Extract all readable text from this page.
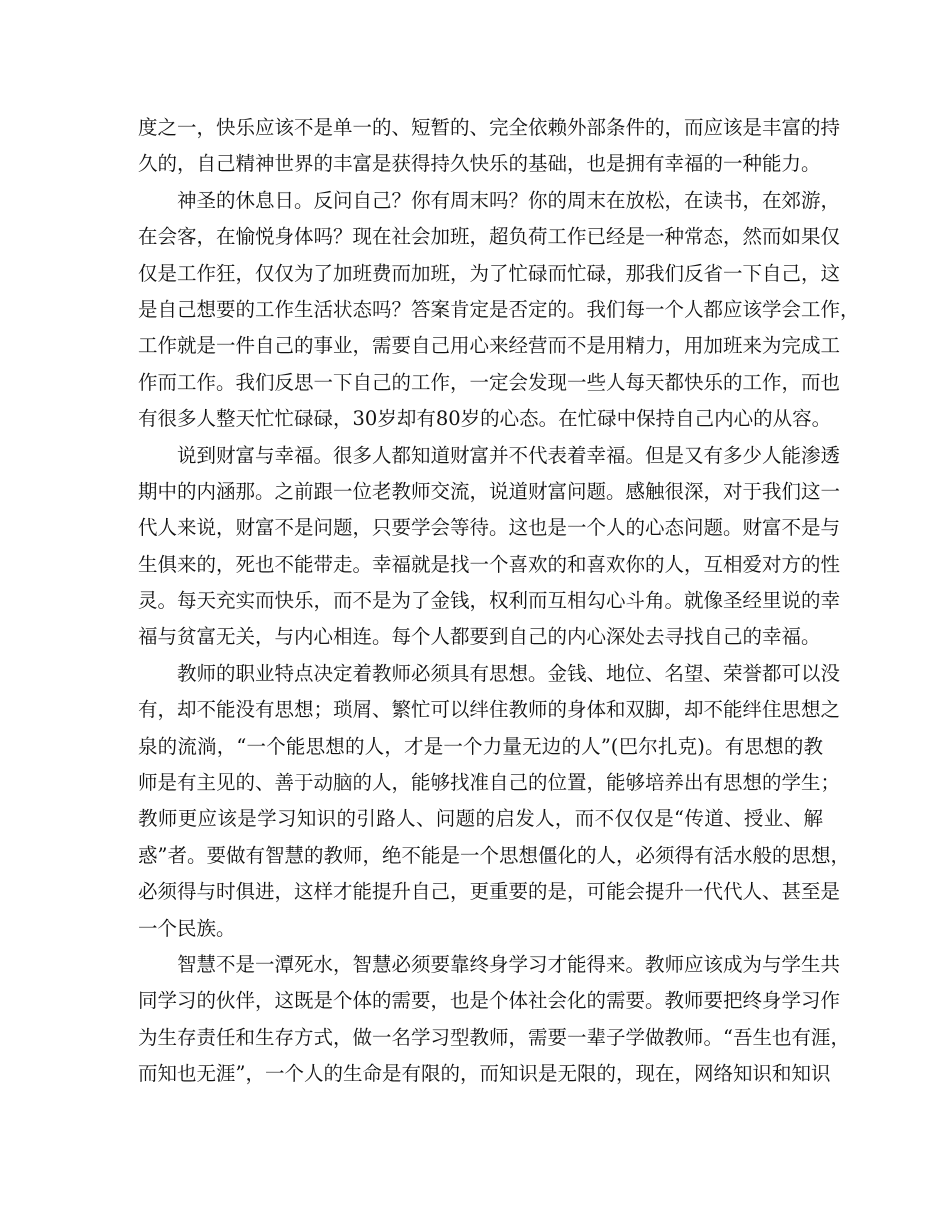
度之一，快乐应该不是单一的、短暂的、完全依赖外部条件的，而应该是丰富的持
久的，自己精神世界的丰富是获得持久快乐的基础，也是拥有幸福的一种能力。
神圣的休息日。反问自己？你有周末吗？你的周末在放松，在读书，在郊游，
在会客，在愉悦身体吗？现在社会加班，超负荷工作已经是一种常态，然而如果仅
仅是工作狂，仅仅为了加班费而加班，为了忙碌而忙碌，那我们反省一下自己，这
是自己想要的工作生活状态吗？答案肯定是否定的。我们每一个人都应该学会工作，
工作就是一件自己的事业，需要自己用心来经营而不是用精力，用加班来为完成工
作而工作。我们反思一下自己的工作，一定会发现一些人每天都快乐的工作，而也
有很多人整天忙忙碌碌，30岁却有80岁的心态。在忙碌中保持自己内心的从容。
说到财富与幸福。很多人都知道财富并不代表着幸福。但是又有多少人能渗透
期中的内涵那。之前跟一位老教师交流，说道财富问题。感触很深，对于我们这一
代人来说，财富不是问题，只要学会等待。这也是一个人的心态问题。财富不是与
生俱来的，死也不能带走。幸福就是找一个喜欢的和喜欢你的人，互相爱对方的性
灵。每天充实而快乐，而不是为了金钱，权利而互相勾心斗角。就像圣经里说的幸
福与贫富无关，与内心相连。每个人都要到自己的内心深处去寻找自己的幸福。
教师的职业特点决定着教师必须具有思想。金钱、地位、名望、荣誉都可以没
有，却不能没有思想；琐屑、繁忙可以绊住教师的身体和双脚，却不能绊住思想之
泉的流淌，“一个能思想的人，才是一个力量无边的人”(巴尔扎克)。有思想的教
师是有主见的、善于动脑的人，能够找准自己的位置，能够培养出有思想的学生；
教师更应该是学习知识的引路人、问题的启发人，而不仅仅是“传道、授业、解
惑”者。要做有智慧的教师，绝不能是一个思想僵化的人，必须得有活水般的思想，
必须得与时俱进，这样才能提升自己，更重要的是，可能会提升一代代人、甚至是
一个民族。
智慧不是一潭死水，智慧必须要靠终身学习才能得来。教师应该成为与学生共
同学习的伙伴，这既是个体的需要，也是个体社会化的需要。教师要把终身学习作
为生存责任和生存方式，做一名学习型教师，需要一辈子学做教师。“吾生也有涯，
而知也无涯”，一个人的生命是有限的，而知识是无限的，现在，网络知识和知识
